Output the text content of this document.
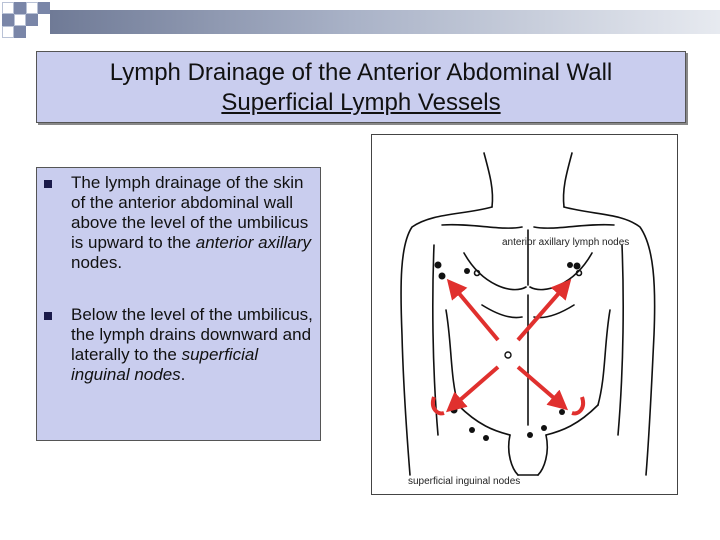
Lymph Drainage of the Anterior Abdominal Wall
Superficial Lymph Vessels
The lymph drainage of the skin of the anterior abdominal wall above the level of the umbilicus is upward to the anterior axillary nodes.
Below the level of the umbilicus, the lymph drains downward and laterally to the superficial inguinal nodes.
anterior axillary lymph nodes
superficial inguinal nodes
